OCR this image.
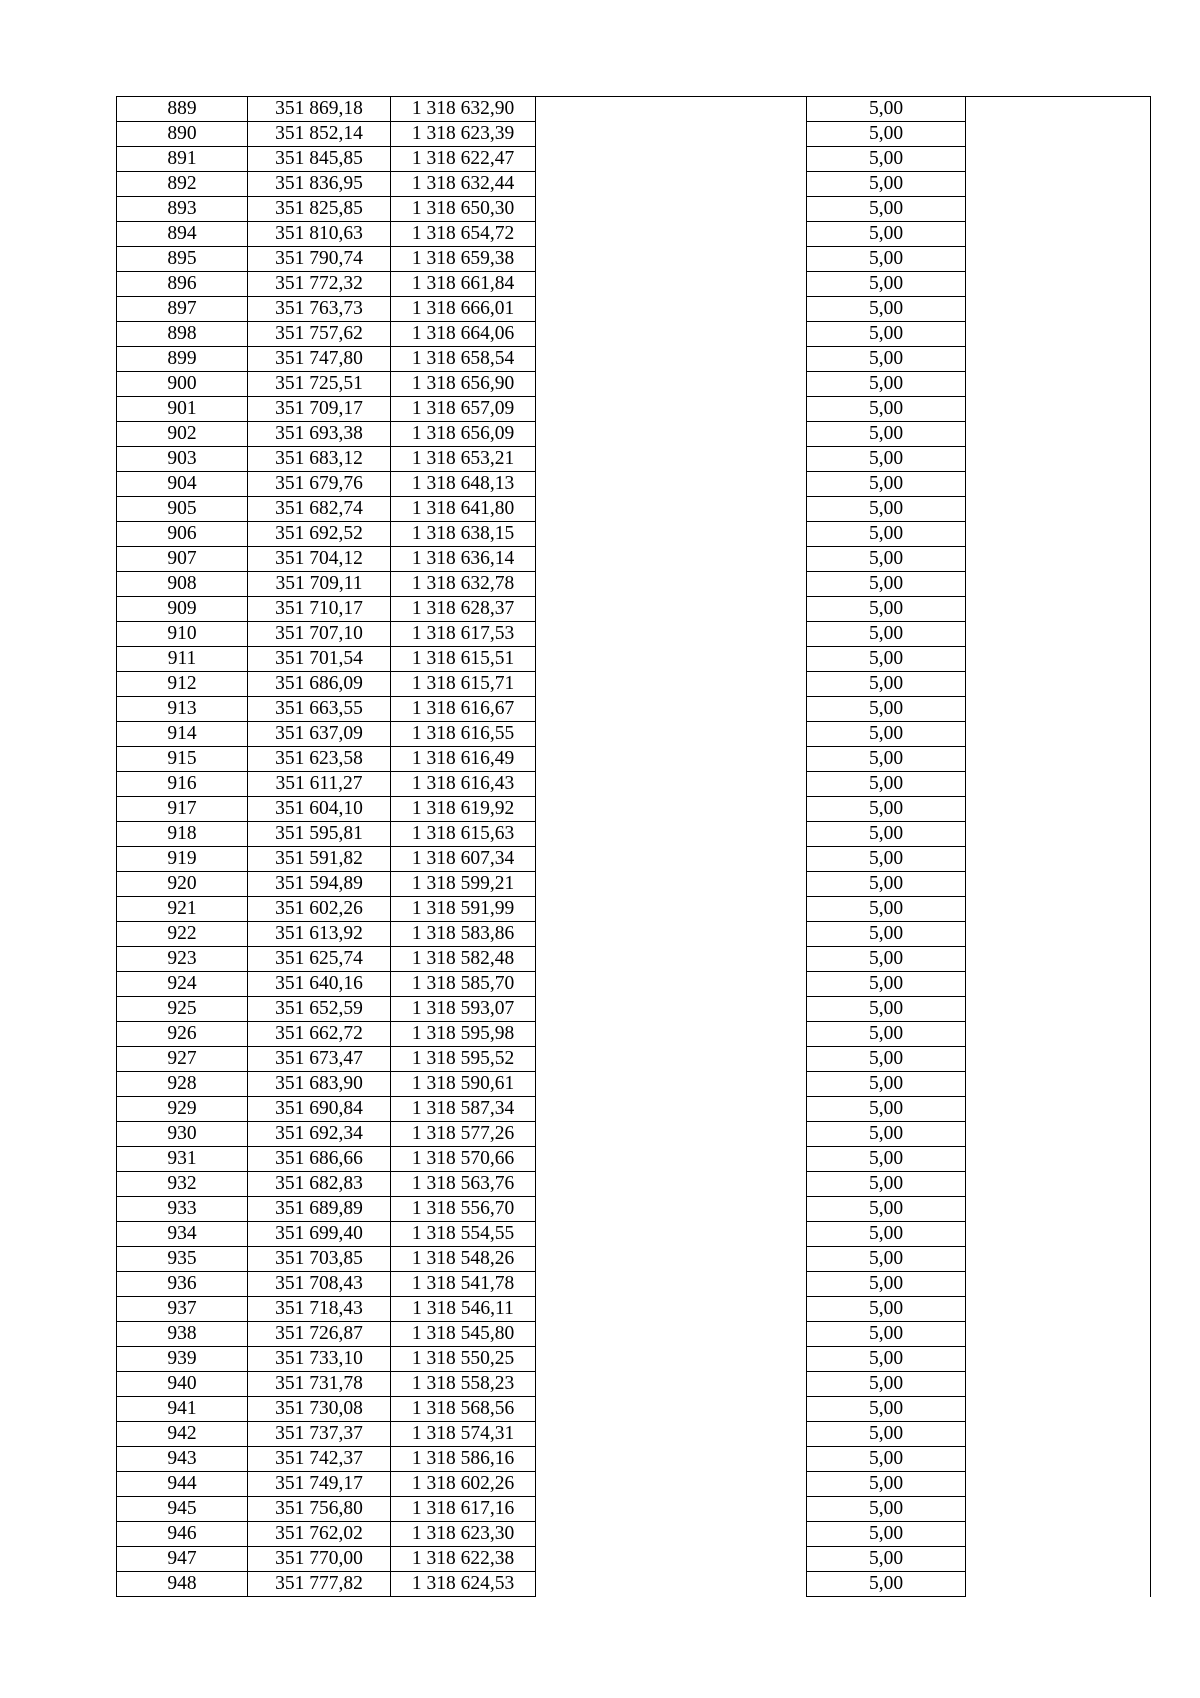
889	351 869,18	1 318 632,90		5,00	
890	351 852,14	1 318 623,39		5,00	
891	351 845,85	1 318 622,47		5,00	
892	351 836,95	1 318 632,44		5,00	
893	351 825,85	1 318 650,30		5,00	
894	351 810,63	1 318 654,72		5,00	
895	351 790,74	1 318 659,38		5,00	
896	351 772,32	1 318 661,84		5,00	
897	351 763,73	1 318 666,01		5,00	
898	351 757,62	1 318 664,06		5,00	
899	351 747,80	1 318 658,54		5,00	
900	351 725,51	1 318 656,90		5,00	
901	351 709,17	1 318 657,09		5,00	
902	351 693,38	1 318 656,09		5,00	
903	351 683,12	1 318 653,21		5,00	
904	351 679,76	1 318 648,13		5,00	
905	351 682,74	1 318 641,80		5,00	
906	351 692,52	1 318 638,15		5,00	
907	351 704,12	1 318 636,14		5,00	
908	351 709,11	1 318 632,78		5,00	
909	351 710,17	1 318 628,37		5,00	
910	351 707,10	1 318 617,53		5,00	
911	351 701,54	1 318 615,51		5,00	
912	351 686,09	1 318 615,71		5,00	
913	351 663,55	1 318 616,67		5,00	
914	351 637,09	1 318 616,55		5,00	
915	351 623,58	1 318 616,49		5,00	
916	351 611,27	1 318 616,43		5,00	
917	351 604,10	1 318 619,92		5,00	
918	351 595,81	1 318 615,63		5,00	
919	351 591,82	1 318 607,34		5,00	
920	351 594,89	1 318 599,21		5,00	
921	351 602,26	1 318 591,99		5,00	
922	351 613,92	1 318 583,86		5,00	
923	351 625,74	1 318 582,48		5,00	
924	351 640,16	1 318 585,70		5,00	
925	351 652,59	1 318 593,07		5,00	
926	351 662,72	1 318 595,98		5,00	
927	351 673,47	1 318 595,52		5,00	
928	351 683,90	1 318 590,61		5,00	
929	351 690,84	1 318 587,34		5,00	
930	351 692,34	1 318 577,26		5,00	
931	351 686,66	1 318 570,66		5,00	
932	351 682,83	1 318 563,76		5,00	
933	351 689,89	1 318 556,70		5,00	
934	351 699,40	1 318 554,55		5,00	
935	351 703,85	1 318 548,26		5,00	
936	351 708,43	1 318 541,78		5,00	
937	351 718,43	1 318 546,11		5,00	
938	351 726,87	1 318 545,80		5,00	
939	351 733,10	1 318 550,25		5,00	
940	351 731,78	1 318 558,23		5,00	
941	351 730,08	1 318 568,56		5,00	
942	351 737,37	1 318 574,31		5,00	
943	351 742,37	1 318 586,16		5,00	
944	351 749,17	1 318 602,26		5,00	
945	351 756,80	1 318 617,16		5,00	
946	351 762,02	1 318 623,30		5,00	
947	351 770,00	1 318 622,38		5,00	
948	351 777,82	1 318 624,53		5,00	
